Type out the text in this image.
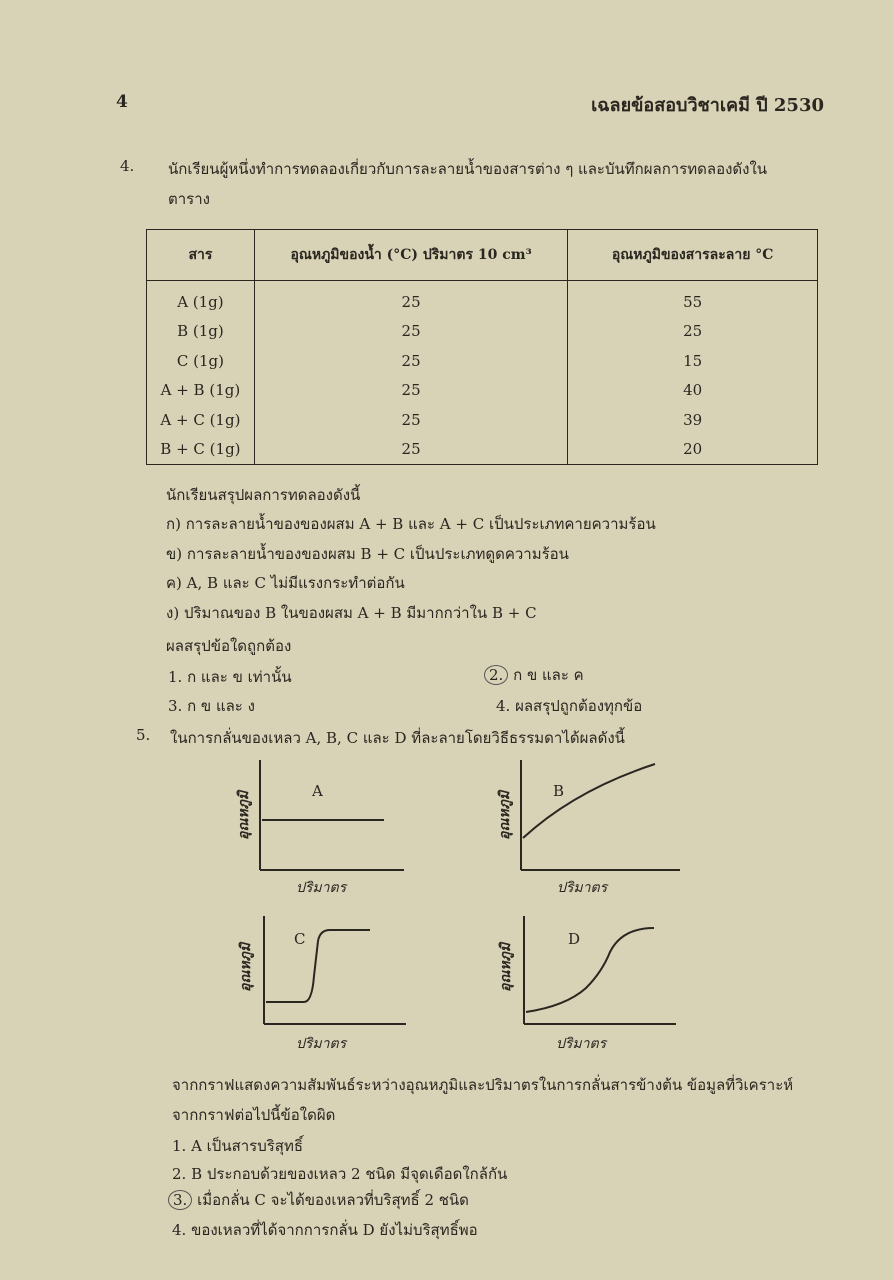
4	เฉลยข้อสอบวิชาเคมี ปี 2530
4. นักเรียนผู้หนึ่งทำการทดลองเกี่ยวกับการละลายน้ำของสารต่าง ๆ และบันทึกผลการทดลองดังใน
ตาราง
สาร	อุณหภูมิของน้ำ (°C) ปริมาตร 10 cm³	อุณหภูมิของสารละลาย °C
A (1g)	25	55
B (1g)	25	25
C (1g)	25	15
A + B (1g)	25	40
A + C (1g)	25	39
B + C (1g)	25	20
นักเรียนสรุปผลการทดลองดังนี้
ก) การละลายน้ำของของผสม A + B และ A + C เป็นประเภทคายความร้อน
ข) การละลายน้ำของของผสม B + C เป็นประเภทดูดความร้อน
ค) A, B และ C ไม่มีแรงกระทำต่อกัน
ง) ปริมาณของ B ในของผสม A + B มีมากกว่าใน B + C
ผลสรุปข้อใดถูกต้อง
1. ก และ ข เท่านั้น	2. ก ข และ ค
3. ก ข และ ง	4. ผลสรุปถูกต้องทุกข้อ
5. ในการกลั่นของเหลว A, B, C และ D ที่ละลายโดยวิธีธรรมดาได้ผลดังนี้
A
อุณหภูมิ
ปริมาตร
B
อุณหภูมิ
ปริมาตร
C
อุณหภูมิ
ปริมาตร
D
อุณหภูมิ
ปริมาตร
จากกราฟแสดงความสัมพันธ์ระหว่างอุณหภูมิและปริมาตรในการกลั่นสารข้างต้น ข้อมูลที่วิเคราะห์
จากกราฟต่อไปนี้ข้อใดผิด
1. A เป็นสารบริสุทธิ์
2. B ประกอบด้วยของเหลว 2 ชนิด มีจุดเดือดใกล้กัน
3. เมื่อกลั่น C จะได้ของเหลวที่บริสุทธิ์ 2 ชนิด
4. ของเหลวที่ได้จากการกลั่น D ยังไม่บริสุทธิ์พอ
